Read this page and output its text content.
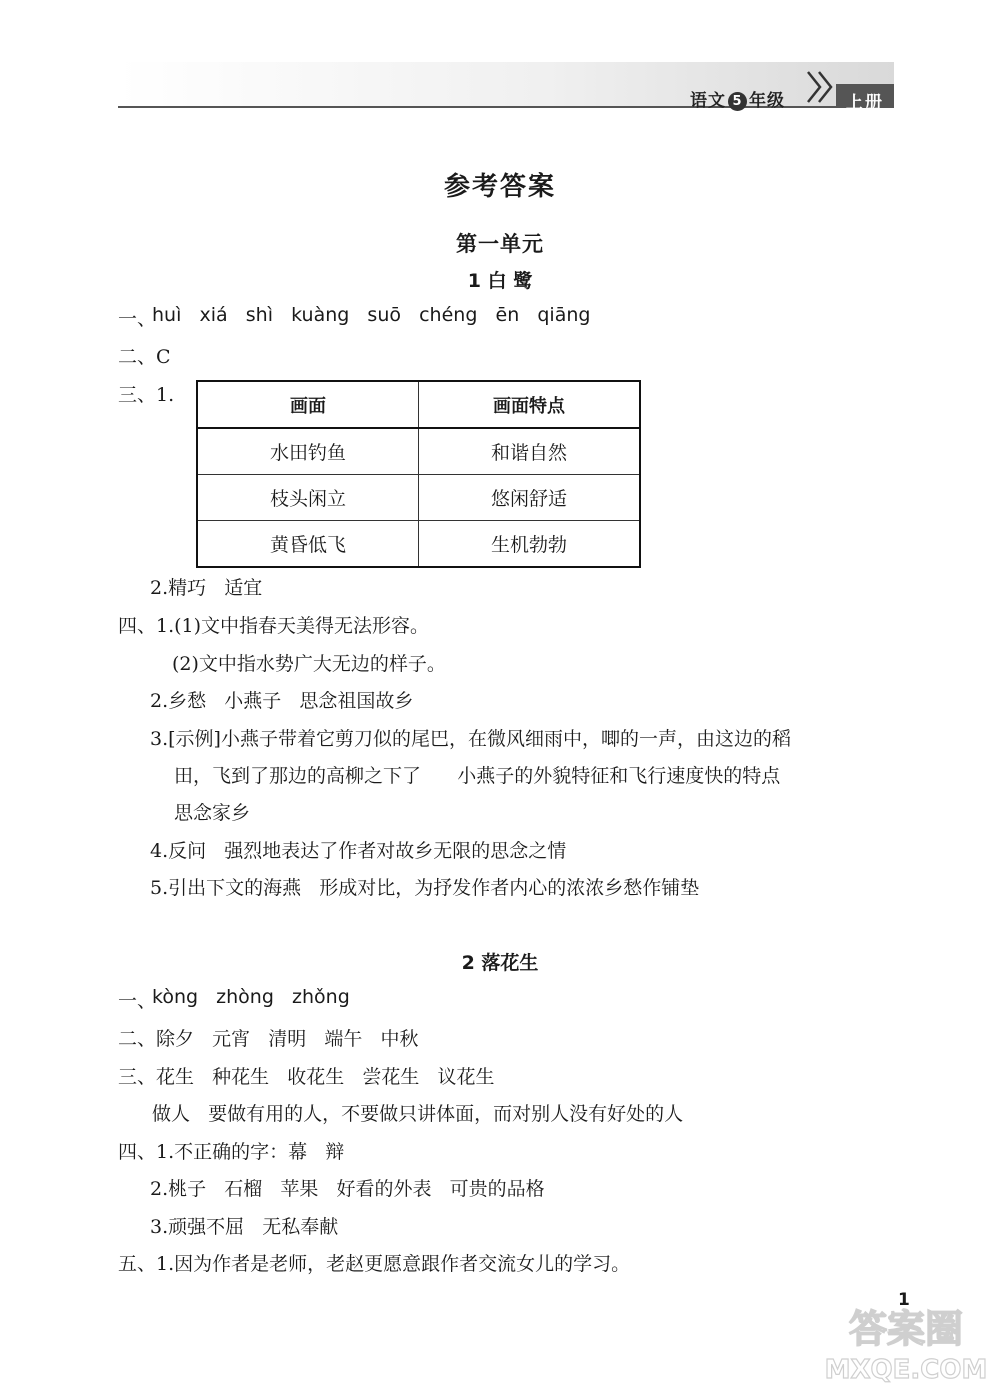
语文 5 年级	上册
参考答案
第一单元
1 白 鹭
一、
huì   xiá   shì   kuàng   suō   chéng   ēn   qiāng
二、C
三、1.	画面	画面特点
水田钓鱼	和谐自然
枝头闲立	悠闲舒适
黄昏低飞	生机勃勃
2.精巧   适宜
四、1.(1)文中指春天美得无法形容。
(2)文中指水势广大无边的样子。
2.乡愁   小燕子   思念祖国故乡
3.[示例]小燕子带着它剪刀似的尾巴，在微风细雨中，唧的一声，由这边的稻
田，飞到了那边的高柳之下了      小燕子的外貌特征和飞行速度快的特点
思念家乡
4.反问   强烈地表达了作者对故乡无限的思念之情
5.引出下文的海燕   形成对比，为抒发作者内心的浓浓乡愁作铺垫
2 落花生
一、
kòng   zhòng   zhǒng
二、除夕   元宵   清明   端午   中秋
三、花生   种花生   收花生   尝花生   议花生
做人   要做有用的人，不要做只讲体面，而对别人没有好处的人
四、1.不正确的字：幕   辩
2.桃子   石榴   苹果   好看的外表   可贵的品格
3.顽强不屈   无私奉献
五、1.因为作者是老师，老赵更愿意跟作者交流女儿的学习。
1
答案圈
MXQE.COM
